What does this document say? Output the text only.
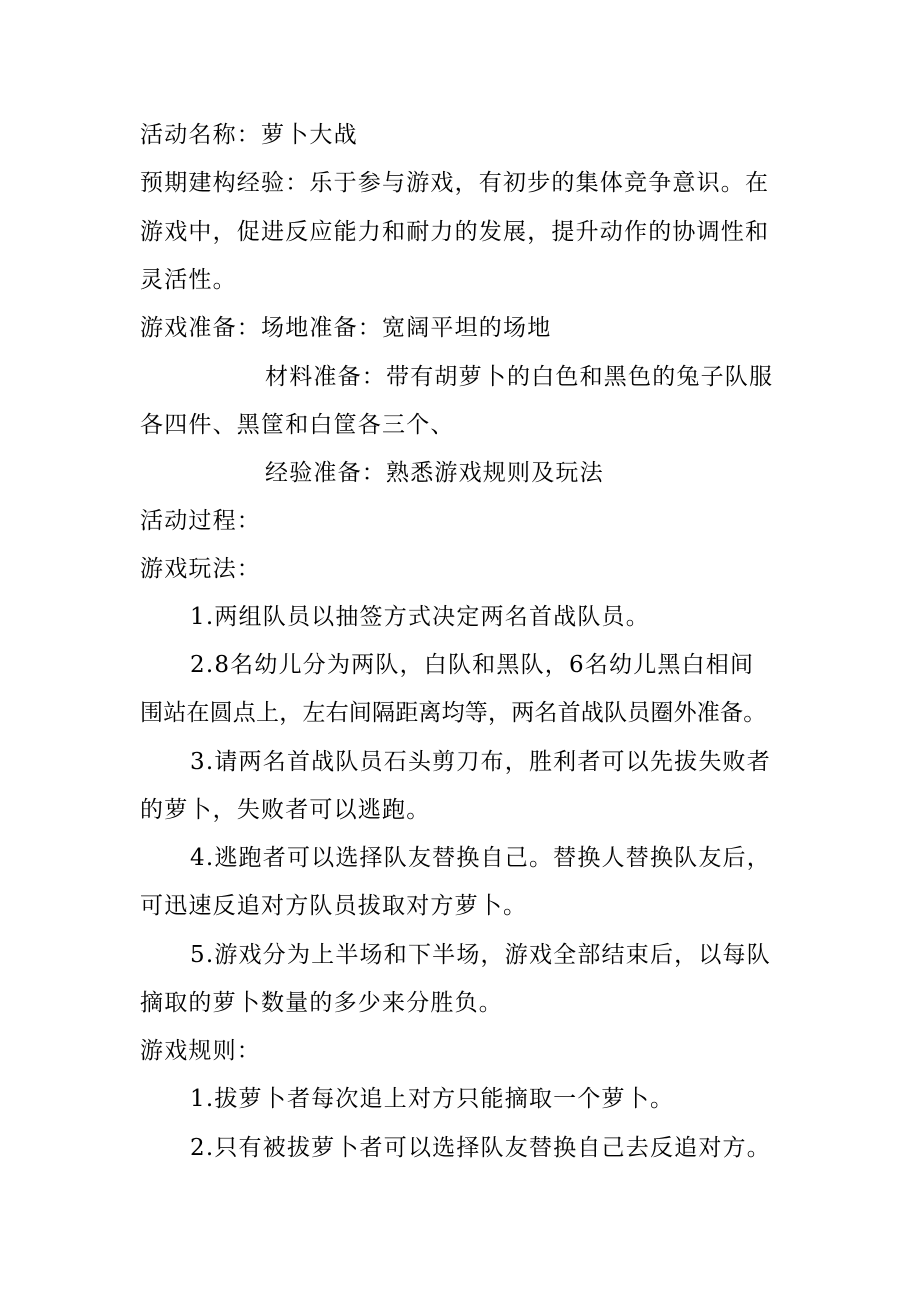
活动名称：萝卜大战
预期建构经验：乐于参与游戏，有初步的集体竞争意识。在
游戏中，促进反应能力和耐力的发展，提升动作的协调性和
灵活性。
游戏准备：场地准备：宽阔平坦的场地
材料准备：带有胡萝卜的白色和黑色的兔子队服
各四件、黑筐和白筐各三个、
经验准备：熟悉游戏规则及玩法
活动过程：
游戏玩法：
1.两组队员以抽签方式决定两名首战队员。
2.8名幼儿分为两队，白队和黑队，6名幼儿黑白相间
围站在圆点上，左右间隔距离均等，两名首战队员圈外准备。
3.请两名首战队员石头剪刀布，胜利者可以先拔失败者
的萝卜，失败者可以逃跑。
4.逃跑者可以选择队友替换自己。替换人替换队友后，
可迅速反追对方队员拔取对方萝卜。
5.游戏分为上半场和下半场，游戏全部结束后，以每队
摘取的萝卜数量的多少来分胜负。
游戏规则：
1.拔萝卜者每次追上对方只能摘取一个萝卜。
2.只有被拔萝卜者可以选择队友替换自己去反追对方。
